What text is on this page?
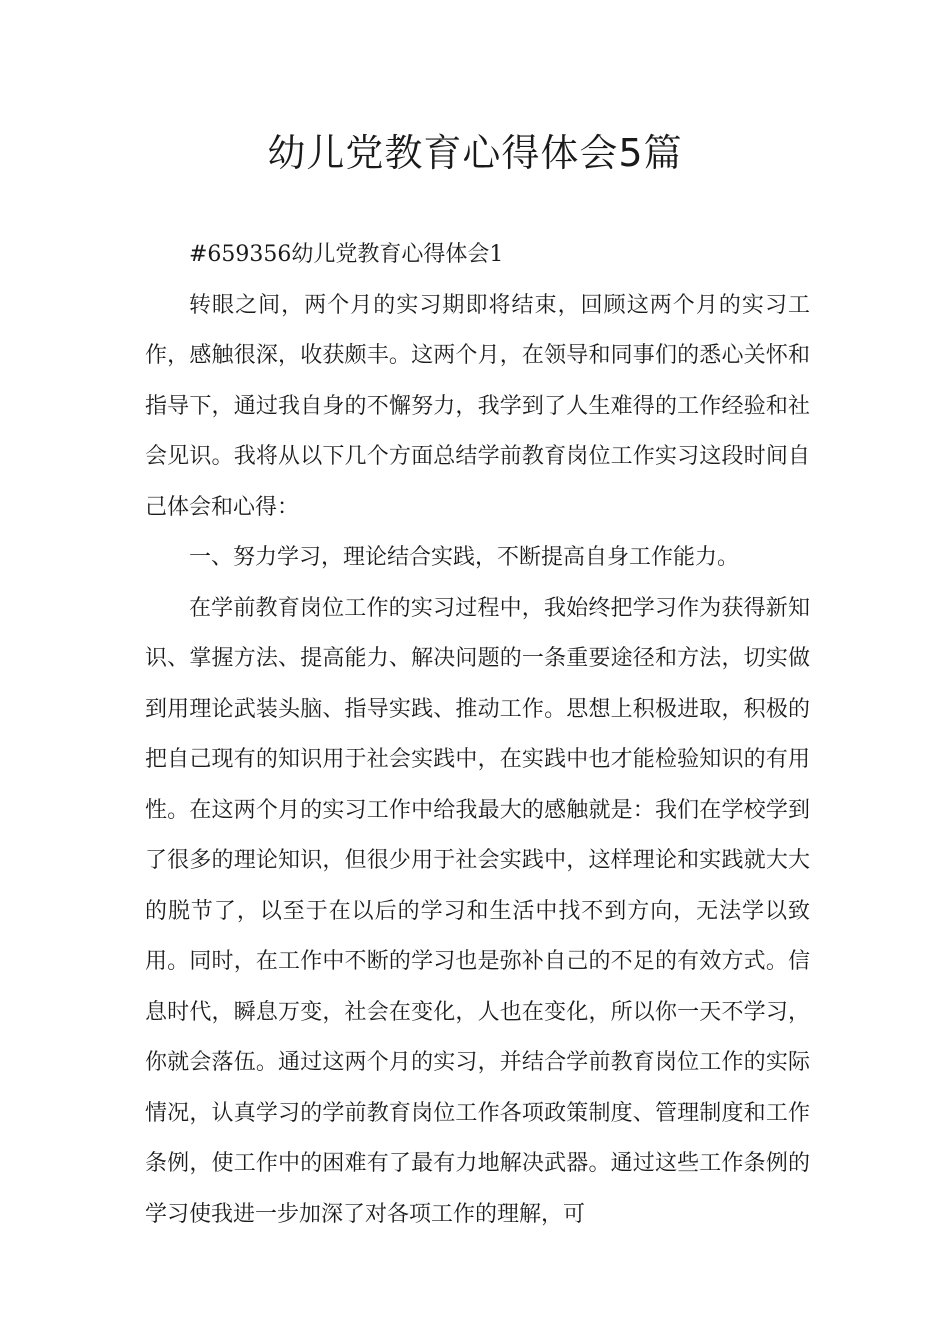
幼儿党教育心得体会5篇

#659356幼儿党教育心得体会1

转眼之间，两个月的实习期即将结束，回顾这两个月的实习工作，感触很深，收获颇丰。这两个月，在领导和同事们的悉心关怀和指导下，通过我自身的不懈努力，我学到了人生难得的工作经验和社会见识。我将从以下几个方面总结学前教育岗位工作实习这段时间自己体会和心得：

一、努力学习，理论结合实践，不断提高自身工作能力。

在学前教育岗位工作的实习过程中，我始终把学习作为获得新知识、掌握方法、提高能力、解决问题的一条重要途径和方法，切实做到用理论武装头脑、指导实践、推动工作。思想上积极进取，积极的把自己现有的知识用于社会实践中，在实践中也才能检验知识的有用性。在这两个月的实习工作中给我最大的感触就是：我们在学校学到了很多的理论知识，但很少用于社会实践中，这样理论和实践就大大的脱节了，以至于在以后的学习和生活中找不到方向，无法学以致用。同时，在工作中不断的学习也是弥补自己的不足的有效方式。信息时代，瞬息万变，社会在变化，人也在变化，所以你一天不学习，你就会落伍。通过这两个月的实习，并结合学前教育岗位工作的实际情况，认真学习的学前教育岗位工作各项政策制度、管理制度和工作条例，使工作中的困难有了最有力地解决武器。通过这些工作条例的学习使我进一步加深了对各项工作的理解，可
